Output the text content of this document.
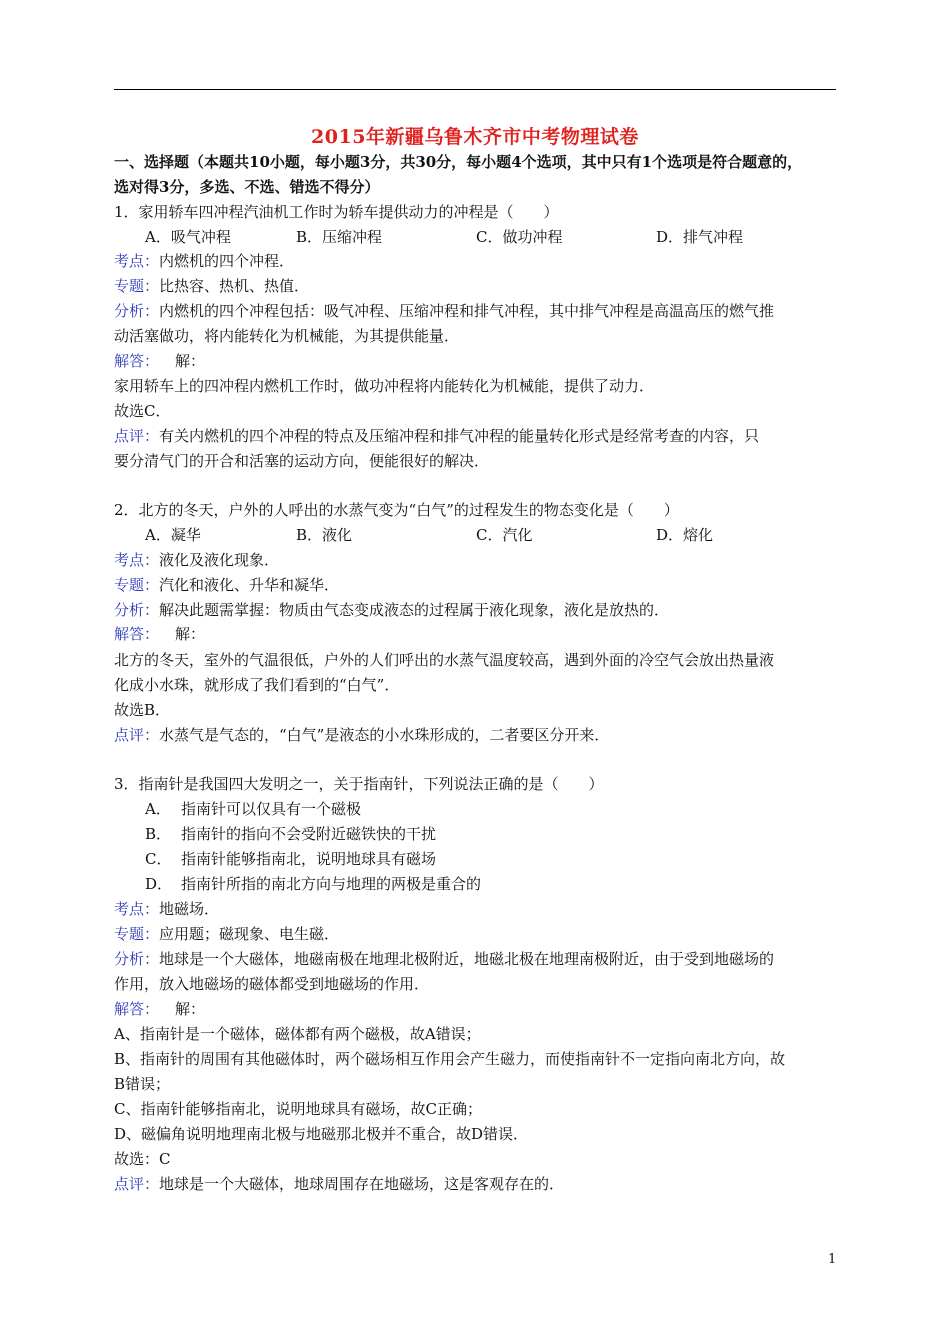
2015年新疆乌鲁木齐市中考物理试卷
一、选择题（本题共10小题，每小题3分，共30分，每小题4个选项，其中只有1个选项是符合题意的，
选对得3分，多选、不选、错选不得分）
1．家用轿车四冲程汽油机工作时为轿车提供动力的冲程是（　　）
A．吸气冲程	B．压缩冲程	C．做功冲程	D．排气冲程
考点：内燃机的四个冲程．
专题：比热容、热机、热值．
分析：内燃机的四个冲程包括：吸气冲程、压缩冲程和排气冲程，其中排气冲程是高温高压的燃气推
动活塞做功，将内能转化为机械能，为其提供能量．
解答： 解：
家用轿车上的四冲程内燃机工作时，做功冲程将内能转化为机械能，提供了动力．
故选C．
点评：有关内燃机的四个冲程的特点及压缩冲程和排气冲程的能量转化形式是经常考查的内容，只
要分清气门的开合和活塞的运动方向，便能很好的解决．
2．北方的冬天，户外的人呼出的水蒸气变为“白气”的过程发生的物态变化是（　　）
A．凝华	B．液化	C．汽化	D．熔化
考点：液化及液化现象．
专题：汽化和液化、升华和凝华．
分析：解决此题需掌握：物质由气态变成液态的过程属于液化现象，液化是放热的．
解答： 解：
北方的冬天，室外的气温很低，户外的人们呼出的水蒸气温度较高，遇到外面的冷空气会放出热量液
化成小水珠，就形成了我们看到的“白气”．
故选B．
点评：水蒸气是气态的，“白气”是液态的小水珠形成的，二者要区分开来．
3．指南针是我国四大发明之一，关于指南针，下列说法正确的是（　　）
A． 指南针可以仅具有一个磁极
B． 指南针的指向不会受附近磁铁快的干扰
C． 指南针能够指南北，说明地球具有磁场
D． 指南针所指的南北方向与地理的两极是重合的
考点：地磁场．
专题：应用题；磁现象、电生磁．
分析：地球是一个大磁体，地磁南极在地理北极附近，地磁北极在地理南极附近，由于受到地磁场的
作用，放入地磁场的磁体都受到地磁场的作用．
解答： 解：
A、指南针是一个磁体，磁体都有两个磁极，故A错误；
B、指南针的周围有其他磁体时，两个磁场相互作用会产生磁力，而使指南针不一定指向南北方向，故
B错误；
C、指南针能够指南北，说明地球具有磁场，故C正确；
D、磁偏角说明地理南北极与地磁那北极并不重合，故D错误．
故选：C
点评：地球是一个大磁体，地球周围存在地磁场，这是客观存在的．
1
